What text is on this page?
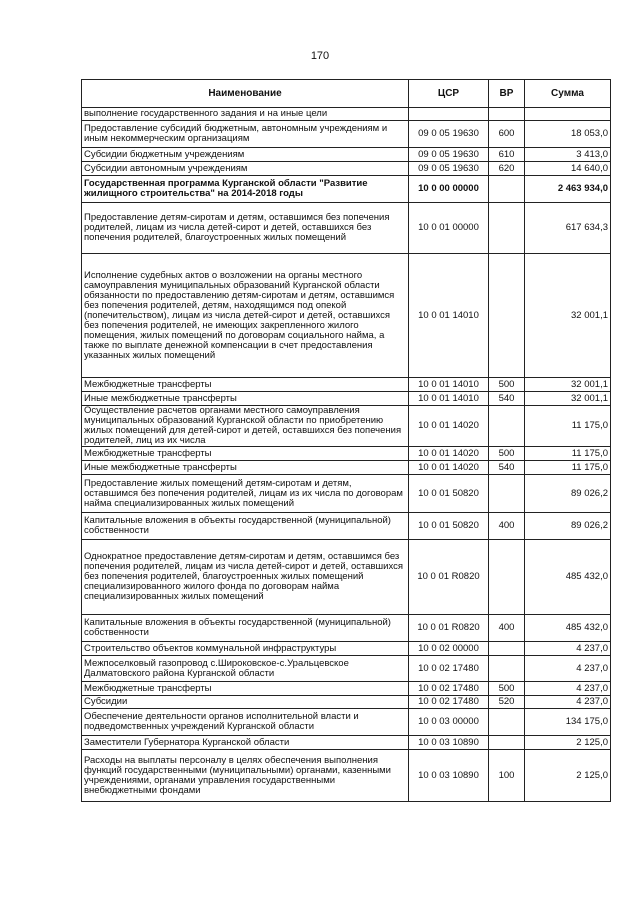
170
Наименование	ЦСР	ВР	Сумма
выполнение государственного задания и на иные цели			
Предоставление субсидий бюджетным, автономным учреждениям и иным некоммерческим организациям	09 0 05 19630	600	18 053,0
Субсидии бюджетным учреждениям	09 0 05 19630	610	3 413,0
Субсидии автономным учреждениям	09 0 05 19630	620	14 640,0
Государственная программа Курганской области "Развитие жилищного строительства" на 2014-2018 годы	10 0 00 00000		2 463 934,0
Предоставление детям-сиротам и детям, оставшимся без попечения родителей, лицам из числа детей-сирот и детей, оставшихся без попечения родителей, благоустроенных жилых помещений	10 0 01 00000		617 634,3
Исполнение судебных актов о возложении на органы местного самоуправления муниципальных образований Курганской области обязанности по предоставлению детям-сиротам и детям, оставшимся без попечения родителей, детям, находящимся под опекой (попечительством), лицам из числа детей-сирот и детей, оставшихся без попечения родителей, не имеющих закрепленного жилого помещения, жилых помещений по договорам социального найма, а также по выплате денежной компенсации в счет предоставления указанных жилых помещений	10 0 01 14010		32 001,1
Межбюджетные трансферты	10 0 01 14010	500	32 001,1
Иные межбюджетные трансферты	10 0 01 14010	540	32 001,1
Осуществление расчетов органами местного самоуправления муниципальных образований Курганской области по приобретению жилых помещений для детей-сирот и детей, оставшихся без попечения родителей, лиц из их числа	10 0 01 14020		11 175,0
Межбюджетные трансферты	10 0 01 14020	500	11 175,0
Иные межбюджетные трансферты	10 0 01 14020	540	11 175,0
Предоставление жилых помещений детям-сиротам и детям, оставшимся без попечения родителей, лицам из их числа по договорам найма специализированных жилых помещений	10 0 01 50820		89 026,2
Капитальные вложения в объекты государственной (муниципальной) собственности	10 0 01 50820	400	89 026,2
Однократное предоставление детям-сиротам и детям, оставшимся без попечения родителей, лицам из числа детей-сирот и детей, оставшихся без попечения родителей, благоустроенных жилых помещений специализированного жилого фонда по договорам найма специализированных жилых помещений	10 0 01 R0820		485 432,0
Капитальные вложения в объекты государственной (муниципальной) собственности	10 0 01 R0820	400	485 432,0
Строительство объектов коммунальной инфраструктуры	10 0 02 00000		4 237,0
Межпоселковый газопровод с.Широковское-с.Уральцевское Далматовского района Курганской области	10 0 02 17480		4 237,0
Межбюджетные трансферты	10 0 02 17480	500	4 237,0
Субсидии	10 0 02 17480	520	4 237,0
Обеспечение деятельности органов исполнительной власти и подведомственных учреждений Курганской области	10 0 03 00000		134 175,0
Заместители Губернатора Курганской области	10 0 03 10890		2 125,0
Расходы на выплаты персоналу в целях обеспечения выполнения функций государственными (муниципальными) органами, казенными учреждениями, органами управления государственными внебюджетными фондами	10 0 03 10890	100	2 125,0
